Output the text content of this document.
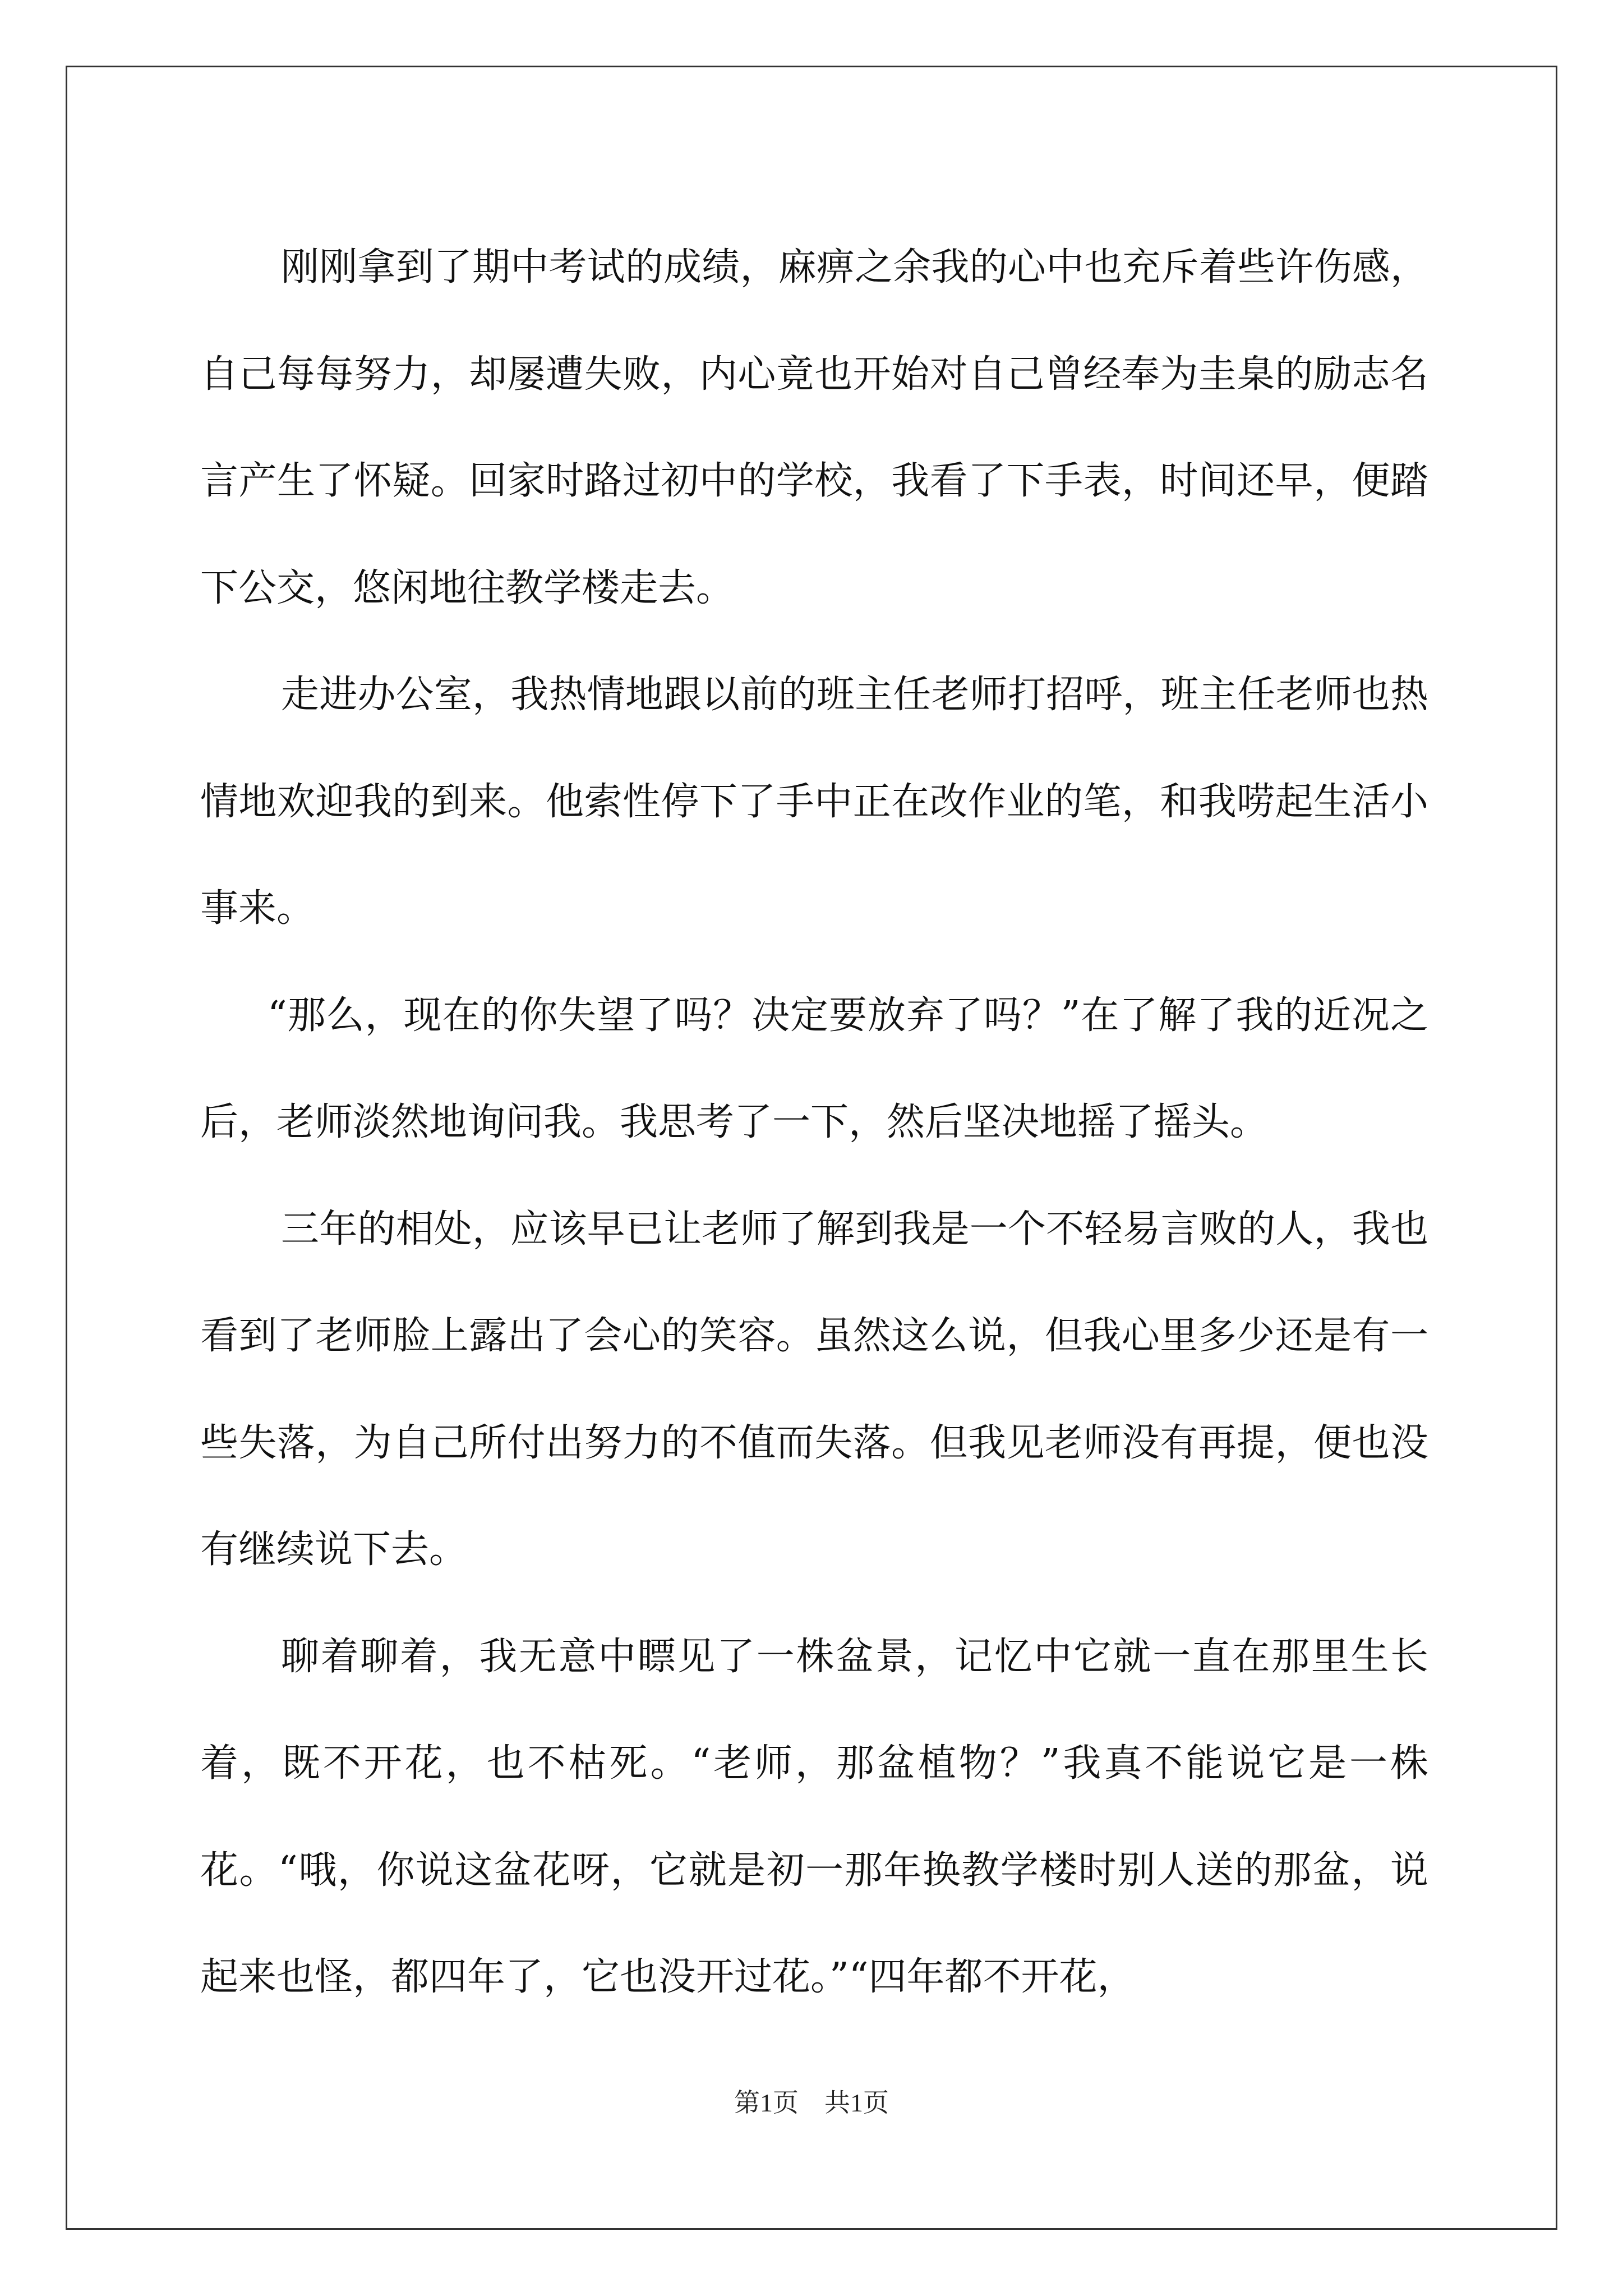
刚刚拿到了期中考试的成绩，麻痹之余我的心中也充斥着些许伤感，自己每每努力，却屡遭失败，内心竟也开始对自己曾经奉为圭臬的励志名言产生了怀疑。回家时路过初中的学校，我看了下手表，时间还早，便踏下公交，悠闲地往教学楼走去。

走进办公室，我热情地跟以前的班主任老师打招呼，班主任老师也热情地欢迎我的到来。他索性停下了手中正在改作业的笔，和我唠起生活小事来。

“那么，现在的你失望了吗？决定要放弃了吗？”在了解了我的近况之后，老师淡然地询问我。我思考了一下，然后坚决地摇了摇头。

三年的相处，应该早已让老师了解到我是一个不轻易言败的人，我也看到了老师脸上露出了会心的笑容。虽然这么说，但我心里多少还是有一些失落，为自己所付出努力的不值而失落。但我见老师没有再提，便也没有继续说下去。

聊着聊着，我无意中瞟见了一株盆景，记忆中它就一直在那里生长着，既不开花，也不枯死。“老师，那盆植物？”我真不能说它是一株花。“哦，你说这盆花呀，它就是初一那年换教学楼时别人送的那盆，说起来也怪，都四年了，它也没开过花。”“四年都不开花，

第1页　共1页
